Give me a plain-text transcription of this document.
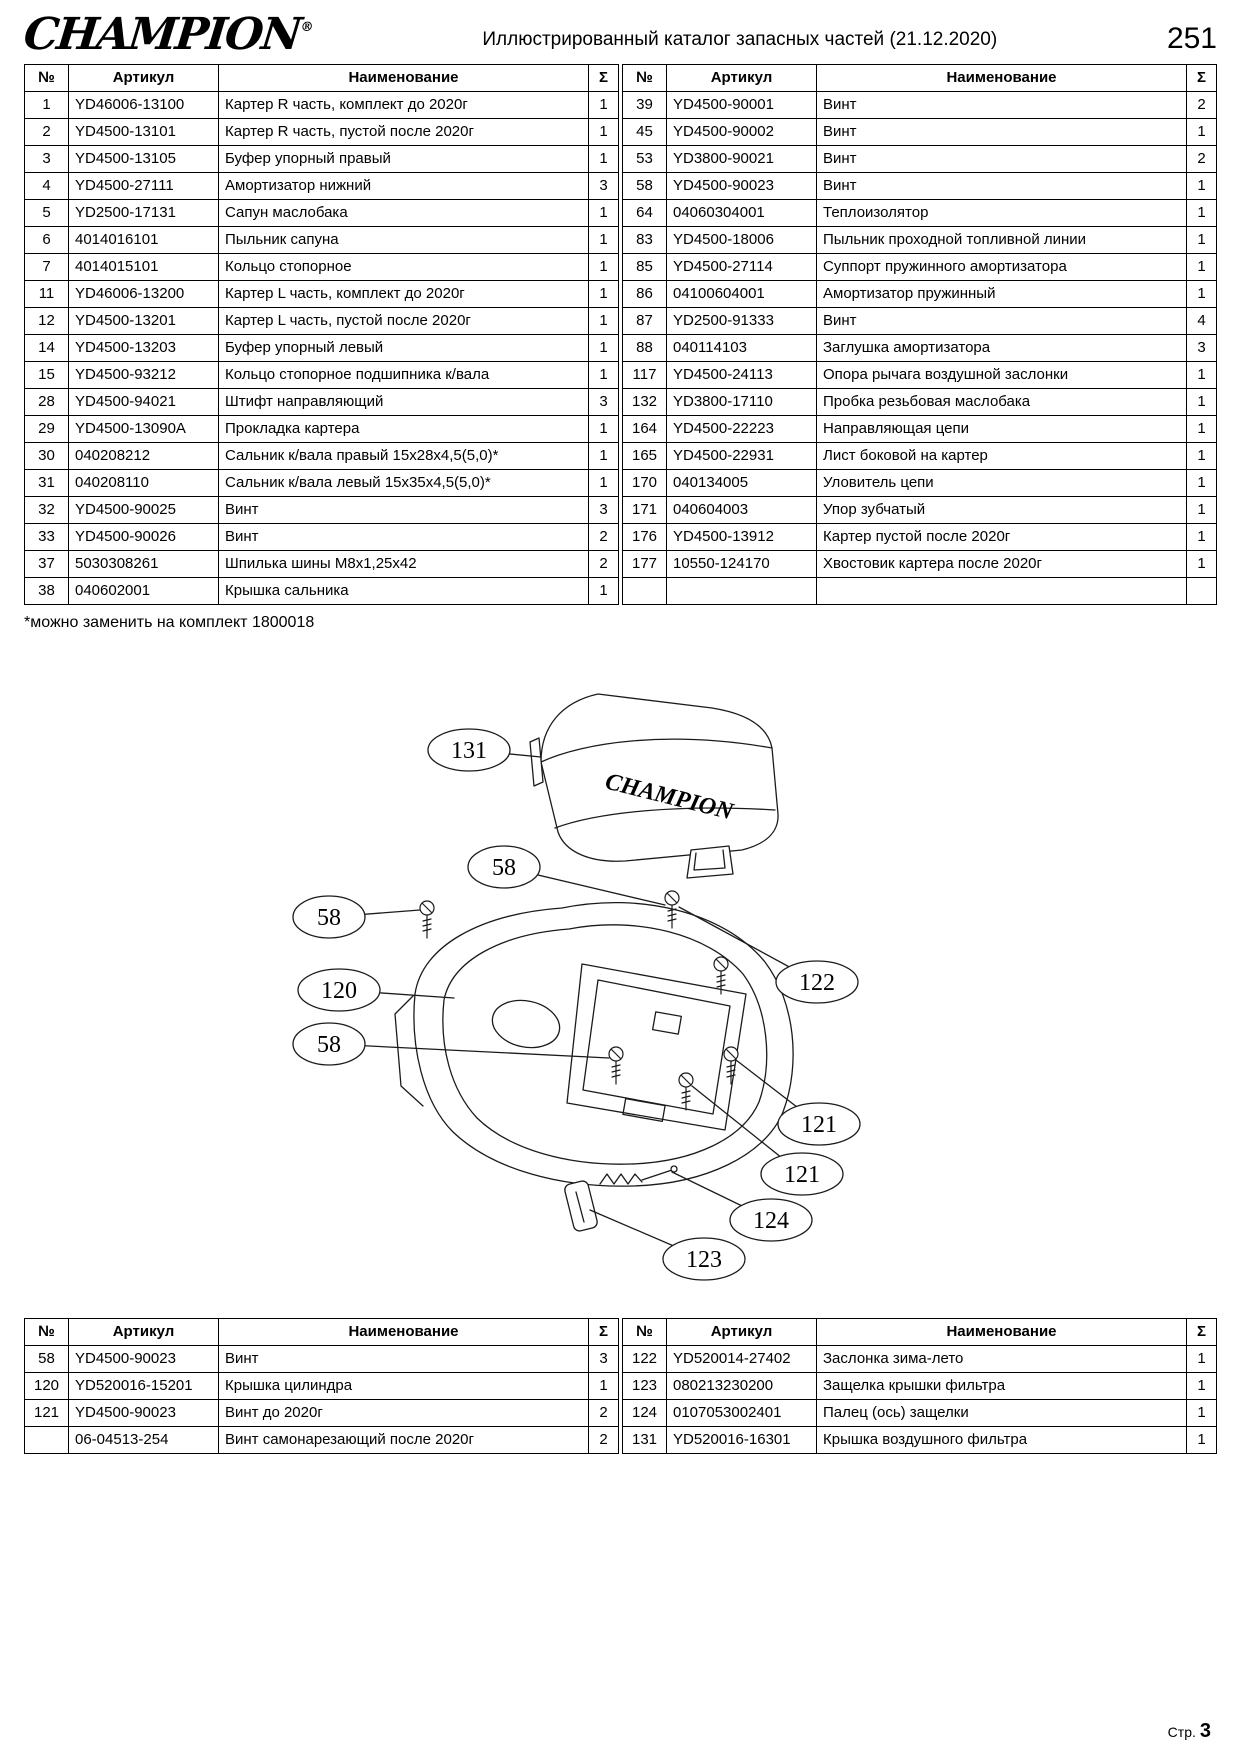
CHAMPION®
Иллюстрированный каталог запасных частей (21.12.2020)	251
№	Артикул	Наименование	Σ
1	YD46006-13100	Картер R часть, комплект до 2020г	1
2	YD4500-13101	Картер R часть, пустой после 2020г	1
3	YD4500-13105	Буфер упорный правый	1
4	YD4500-27111	Амортизатор нижний	3
5	YD2500-17131	Сапун маслобака	1
6	4014016101	Пыльник сапуна	1
7	4014015101	Кольцо стопорное	1
11	YD46006-13200	Картер L часть, комплект до 2020г	1
12	YD4500-13201	Картер L часть, пустой после 2020г	1
14	YD4500-13203	Буфер упорный левый	1
15	YD4500-93212	Кольцо стопорное подшипника к/вала	1
28	YD4500-94021	Штифт направляющий	3
29	YD4500-13090A	Прокладка картера	1
30	040208212	Сальник к/вала правый 15х28х4,5(5,0)*	1
31	040208110	Сальник к/вала левый 15х35х4,5(5,0)*	1
32	YD4500-90025	Винт	3
33	YD4500-90026	Винт	2
37	5030308261	Шпилька шины М8х1,25х42	2
38	040602001	Крышка сальника	1
№	Артикул	Наименование	Σ
39	YD4500-90001	Винт	2
45	YD4500-90002	Винт	1
53	YD3800-90021	Винт	2
58	YD4500-90023	Винт	1
64	04060304001	Теплоизолятор	1
83	YD4500-18006	Пыльник проходной топливной линии	1
85	YD4500-27114	Суппорт пружинного амортизатора	1
86	04100604001	Амортизатор пружинный	1
87	YD2500-91333	Винт	4
88	040114103	Заглушка амортизатора	3
117	YD4500-24113	Опора рычага воздушной заслонки	1
132	YD3800-17110	Пробка резьбовая маслобака	1
164	YD4500-22223	Направляющая цепи	1
165	YD4500-22931	Лист боковой на картер	1
170	040134005	Уловитель цепи	1
171	040604003	Упор зубчатый	1
176	YD4500-13912	Картер пустой после 2020г	1
177	10550-124170	Хвостовик картера после 2020г	1

*можно заменить на комплект 1800018
CHAMPION
131
58
58
120
58
122
121
121
124
123
№	Артикул	Наименование	Σ
58	YD4500-90023	Винт	3
120	YD520016-15201	Крышка цилиндра	1
121	YD4500-90023	Винт до 2020г	2
	06-04513-254	Винт самонарезающий после 2020г	2
№	Артикул	Наименование	Σ
122	YD520014-27402	Заслонка зима-лето	1
123	080213230200	Защелка крышки фильтра	1
124	0107053002401	Палец (ось) защелки	1
131	YD520016-16301	Крышка воздушного фильтра	1
Стр. 3
